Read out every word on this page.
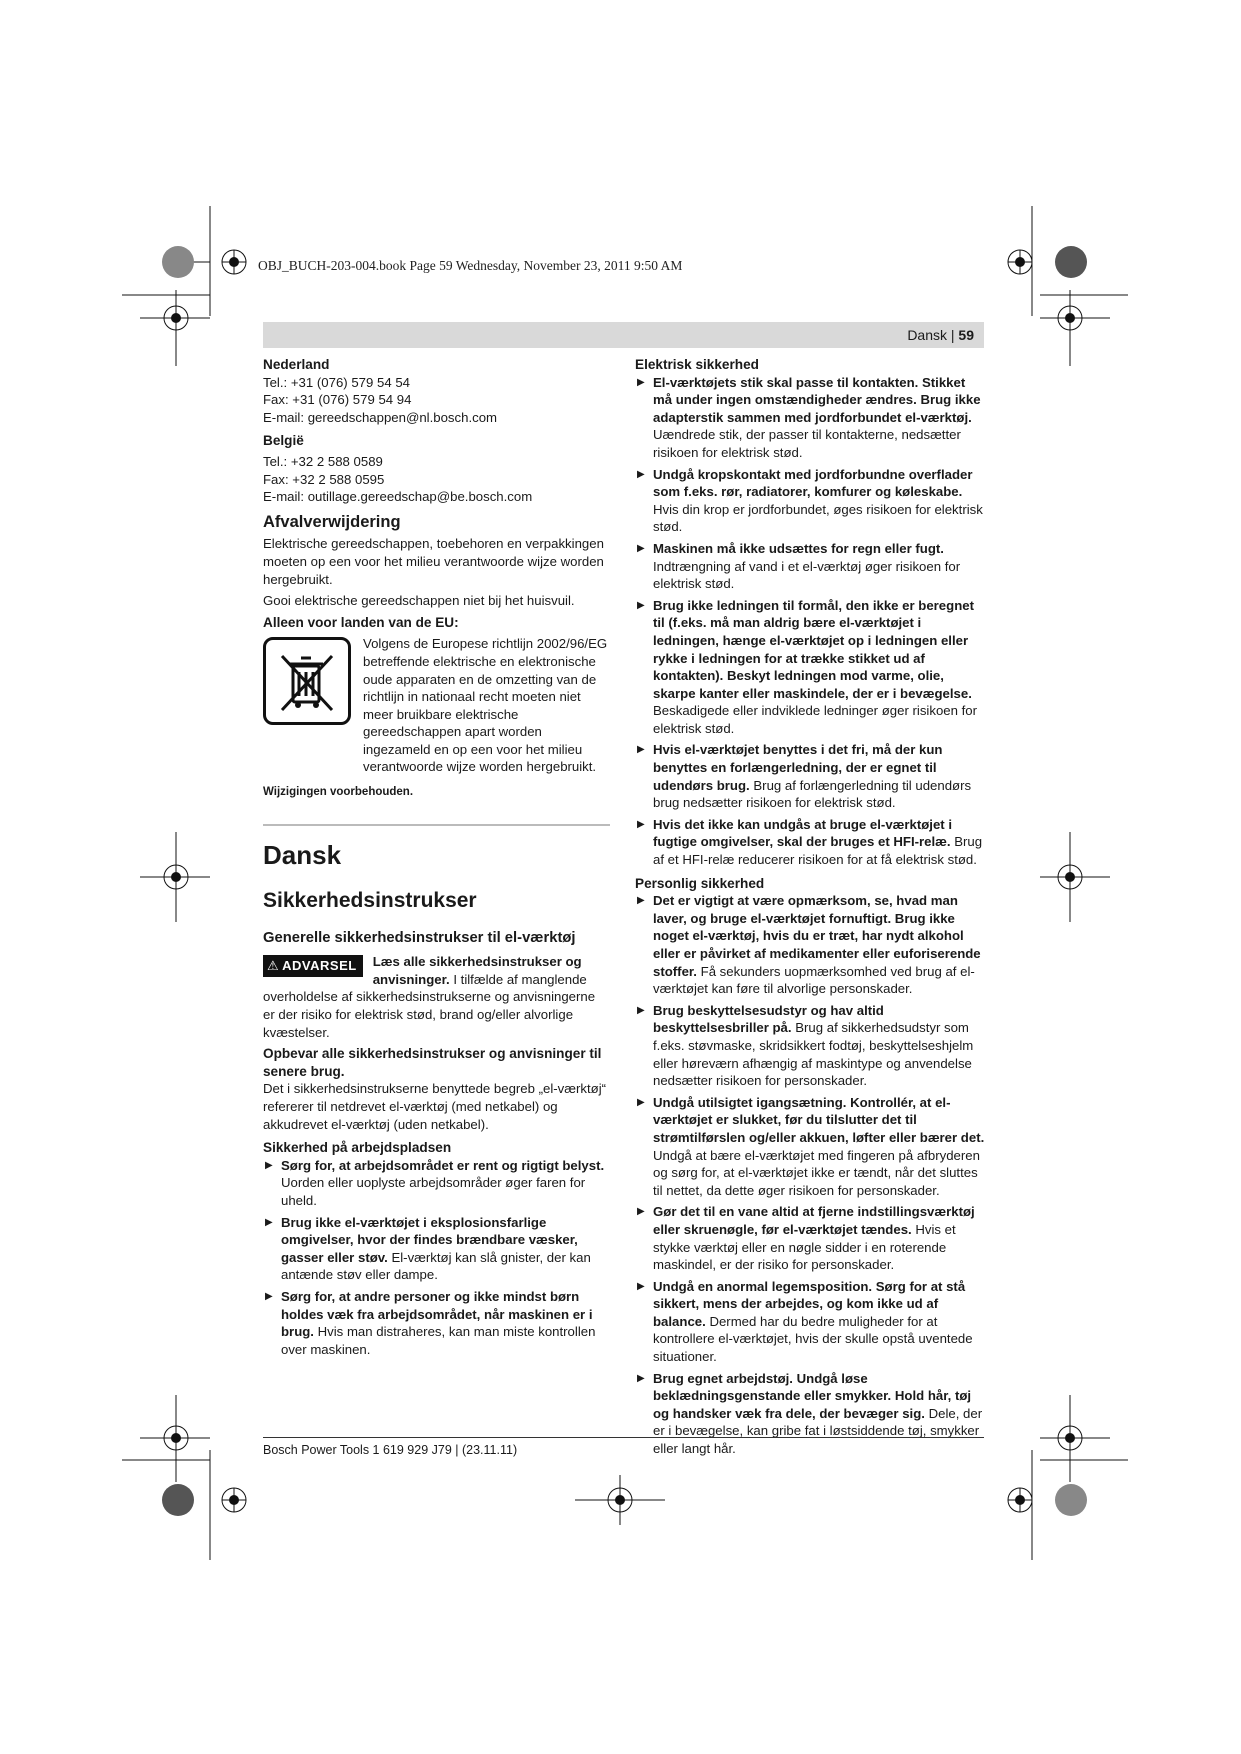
OBJ_BUCH-203-004.book Page 59 Wednesday, November 23, 2011 9:50 AM
Dansk | 59

Nederland

Tel.: +31 (076) 579 54 54
Fax: +31 (076) 579 54 94
E-mail: gereedschappen@nl.bosch.com

België

Tel.: +32 2 588 0589
Fax: +32 2 588 0595
E-mail: outillage.gereedschap@be.bosch.com

Afvalverwijdering

Elektrische gereedschappen, toebehoren en verpakkingen moeten op een voor het milieu verantwoorde wijze worden hergebruikt.

Gooi elektrische gereedschappen niet bij het huisvuil.

Alleen voor landen van de EU:

Volgens de Europese richtlijn 2002/96/EG betreffende elektrische en elektronische oude apparaten en de omzetting van de richtlijn in nationaal recht moeten niet meer bruikbare elektrische gereedschappen apart worden ingezameld en op een voor het milieu verantwoorde wijze worden hergebruikt.
Wijzigingen voorbehouden.
Dansk
Sikkerhedsinstrukser
Generelle sikkerhedsinstrukser til el-værktøj

⚠ ADVARSEL	Læs alle sikkerhedsinstrukser og anvisninger. I tilfælde af manglende overholdelse af sikkerhedsinstrukserne og anvisningerne er der risiko for elektrisk stød, brand og/eller alvorlige kvæstelser.

Opbevar alle sikkerhedsinstrukser og anvisninger til senere brug.

Det i sikkerhedsinstrukserne benyttede begreb „el-værktøj“ refererer til netdrevet el-værktøj (med netkabel) og akkudrevet el-værktøj (uden netkabel).

Sikkerhed på arbejdspladsen

▶ Sørg for, at arbejdsområdet er rent og rigtigt belyst. Uorden eller uoplyste arbejdsområder øger faren for uheld.
▶ Brug ikke el-værktøjet i eksplosionsfarlige omgivelser, hvor der findes brændbare væsker, gasser eller støv. El-værktøj kan slå gnister, der kan antænde støv eller dampe.
▶ Sørg for, at andre personer og ikke mindst børn holdes væk fra arbejdsområdet, når maskinen er i brug. Hvis man distraheres, kan man miste kontrollen over maskinen.

Elektrisk sikkerhed

▶ El-værktøjets stik skal passe til kontakten. Stikket må under ingen omstændigheder ændres. Brug ikke adapterstik sammen med jordforbundet el-værktøj. Uændrede stik, der passer til kontakterne, nedsætter risikoen for elektrisk stød.
▶ Undgå kropskontakt med jordforbundne overflader som f.eks. rør, radiatorer, komfurer og køleskabe. Hvis din krop er jordforbundet, øges risikoen for elektrisk stød.
▶ Maskinen må ikke udsættes for regn eller fugt. Indtrængning af vand i et el-værktøj øger risikoen for elektrisk stød.
▶ Brug ikke ledningen til formål, den ikke er beregnet til (f.eks. må man aldrig bære el-værktøjet i ledningen, hænge el-værktøjet op i ledningen eller rykke i ledningen for at trække stikket ud af kontakten). Beskyt ledningen mod varme, olie, skarpe kanter eller maskindele, der er i bevægelse. Beskadigede eller indviklede ledninger øger risikoen for elektrisk stød.
▶ Hvis el-værktøjet benyttes i det fri, må der kun benyttes en forlængerledning, der er egnet til udendørs brug. Brug af forlængerledning til udendørs brug nedsætter risikoen for elektrisk stød.
▶ Hvis det ikke kan undgås at bruge el-værktøjet i fugtige omgivelser, skal der bruges et HFI-relæ. Brug af et HFI-relæ reducerer risikoen for at få elektrisk stød.

Personlig sikkerhed

▶ Det er vigtigt at være opmærksom, se, hvad man laver, og bruge el-værktøjet fornuftigt. Brug ikke noget el-værktøj, hvis du er træt, har nydt alkohol eller er påvirket af medikamenter eller euforiserende stoffer. Få sekunders uopmærksomhed ved brug af el-værktøjet kan føre til alvorlige personskader.
▶ Brug beskyttelsesudstyr og hav altid beskyttelsesbriller på. Brug af sikkerhedsudstyr som f.eks. støvmaske, skridsikkert fodtøj, beskyttelseshjelm eller høreværn afhængig af maskintype og anvendelse nedsætter risikoen for personskader.
▶ Undgå utilsigtet igangsætning. Kontrollér, at el-værktøjet er slukket, før du tilslutter det til strømtilførslen og/eller akkuen, løfter eller bærer det. Undgå at bære el-værktøjet med fingeren på afbryderen og sørg for, at el-værktøjet ikke er tændt, når det sluttes til nettet, da dette øger risikoen for personskader.
▶ Gør det til en vane altid at fjerne indstillingsværktøj eller skruenøgle, før el-værktøjet tændes. Hvis et stykke værktøj eller en nøgle sidder i en roterende maskindel, er der risiko for personskader.
▶ Undgå en anormal legemsposition. Sørg for at stå sikkert, mens der arbejdes, og kom ikke ud af balance. Dermed har du bedre muligheder for at kontrollere el-værktøjet, hvis der skulle opstå uventede situationer.
▶ Brug egnet arbejdstøj. Undgå løse beklædningsgenstande eller smykker. Hold hår, tøj og handsker væk fra dele, der bevæger sig. Dele, der er i bevægelse, kan gribe fat i løstsiddende tøj, smykker eller langt hår.
Bosch Power Tools 1 619 929 J79 | (23.11.11)
